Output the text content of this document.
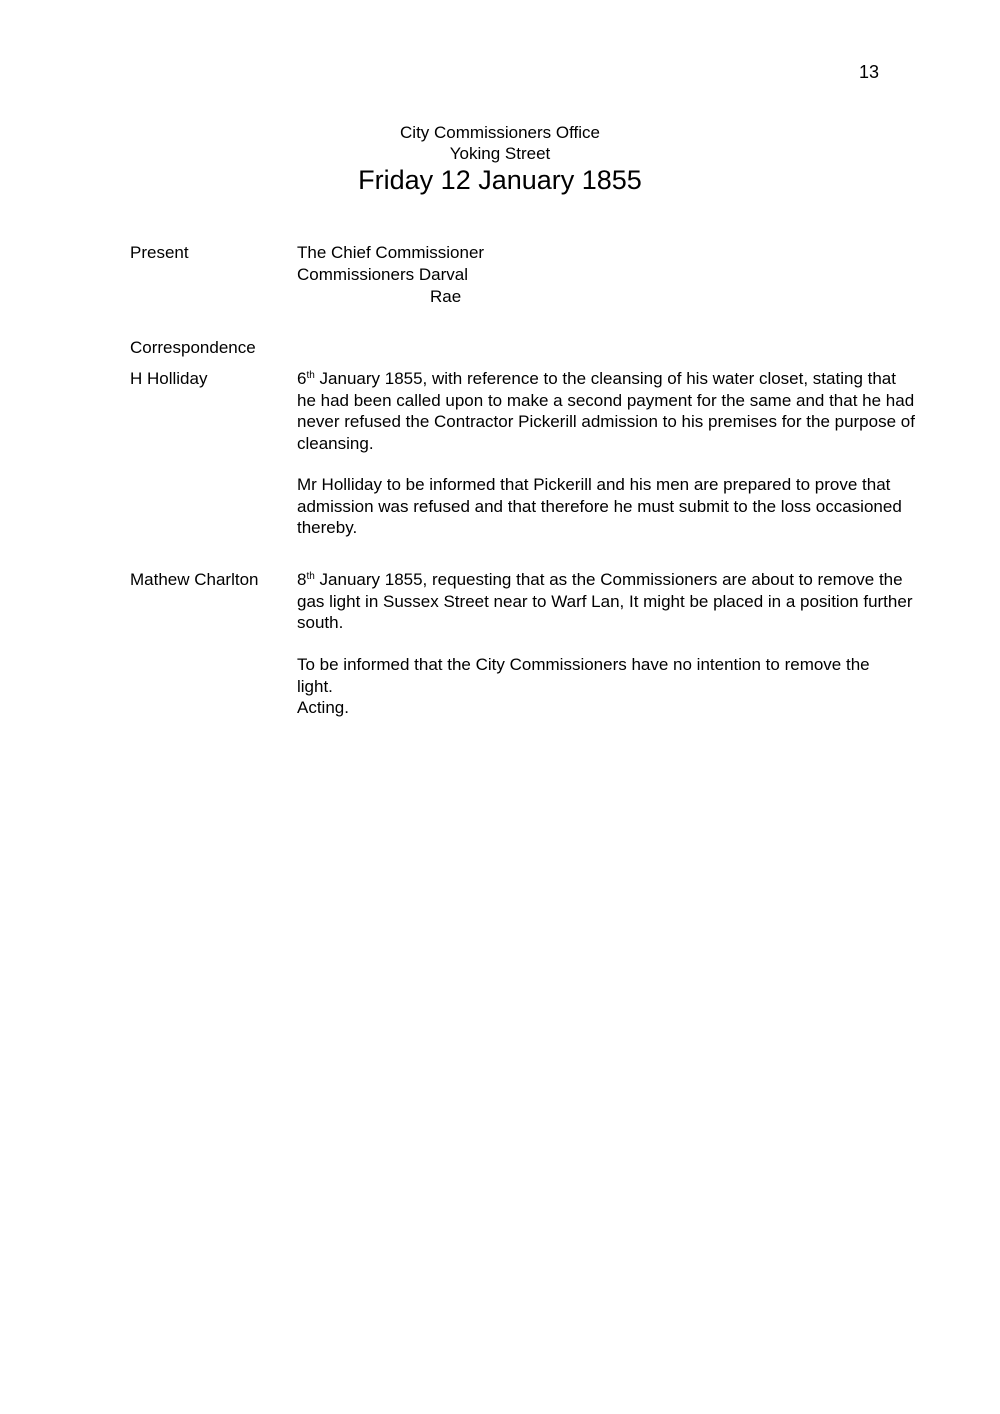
13
City Commissioners Office
Yoking Street
Friday 12 January 1855
Present	The Chief Commissioner
Commissioners Darval
Rae
Correspondence
H Holliday	6th January 1855, with reference to the cleansing of his water closet, stating that he had been called upon to make a second payment for the same and that he had never refused the Contractor Pickerill admission to his premises for the purpose of cleansing.
Mr Holliday to be informed that Pickerill and his men are prepared to prove that admission was refused and that therefore he must submit to the loss occasioned thereby.
Mathew Charlton	8th January 1855, requesting that as the Commissioners are about to remove the gas light in Sussex Street near to Warf Lan, It might be placed in a position further south.
To be informed that the City Commissioners have no intention to remove the light.
Acting.
